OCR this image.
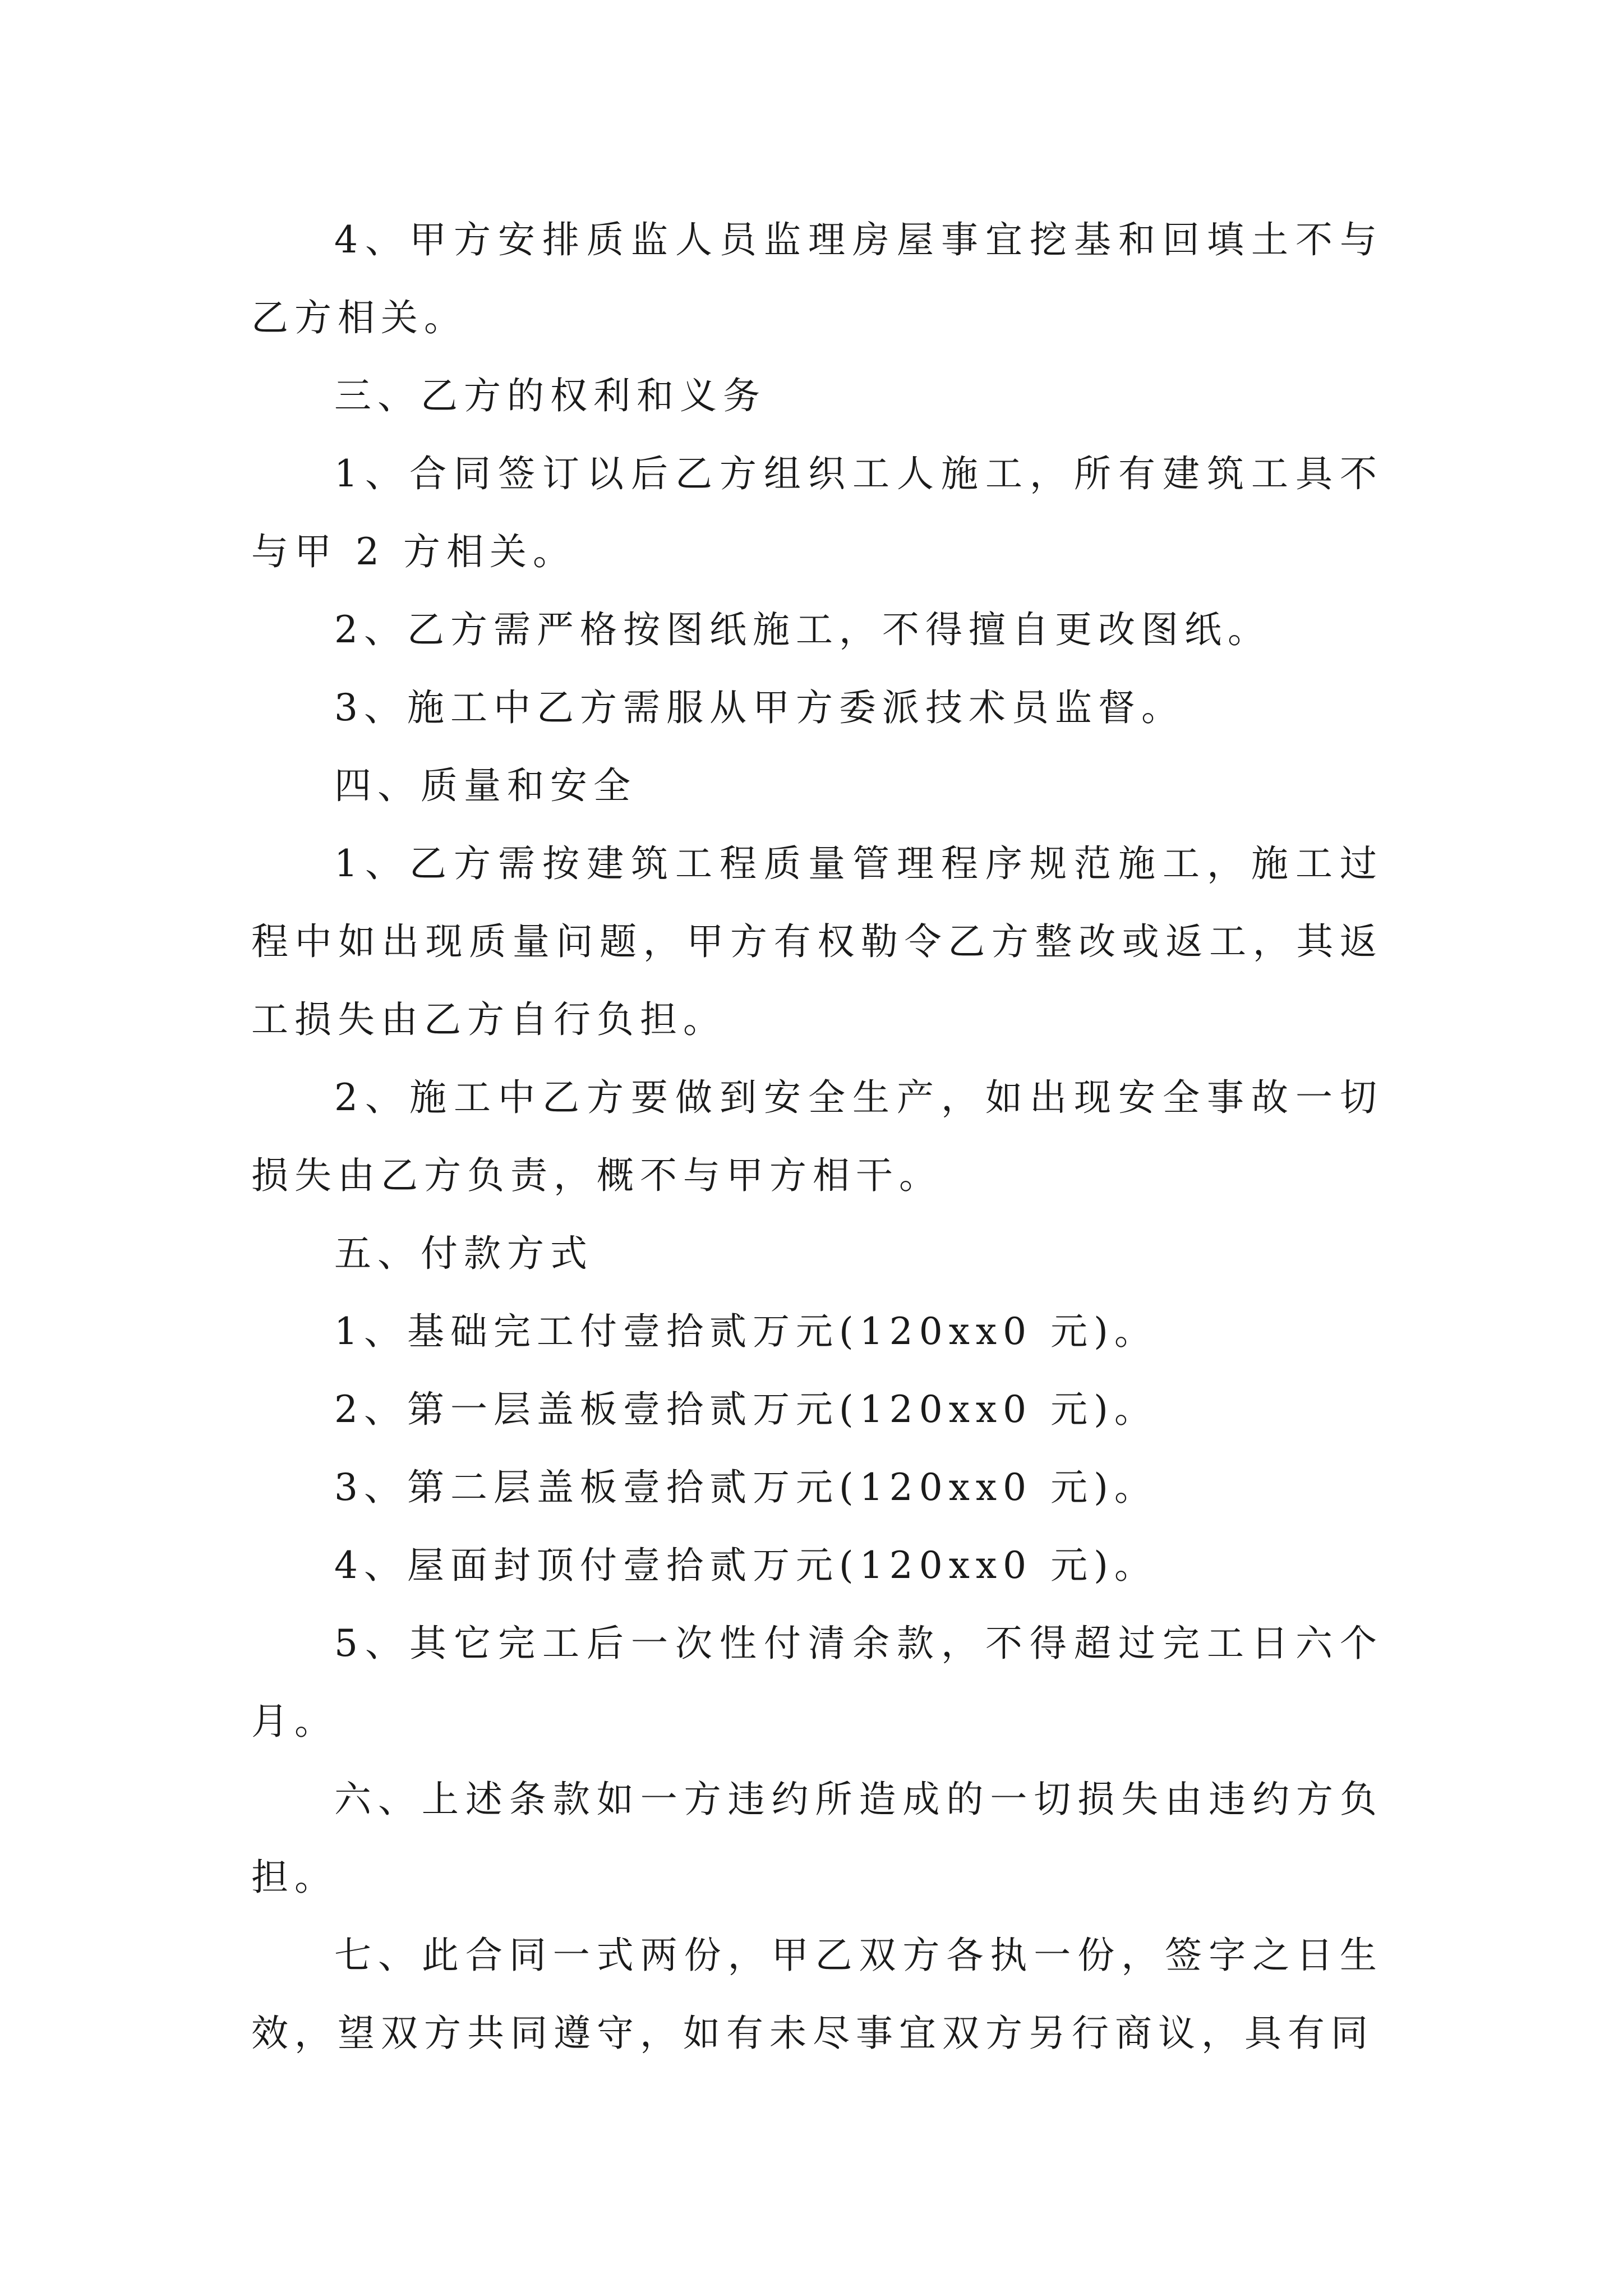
4、甲方安排质监人员监理房屋事宜挖基和回填土不与乙方相关。

三、乙方的权利和义务

1、合同签订以后乙方组织工人施工，所有建筑工具不与甲 2 方相关。

2、乙方需严格按图纸施工，不得擅自更改图纸。

3、施工中乙方需服从甲方委派技术员监督。

四、质量和安全

1、乙方需按建筑工程质量管理程序规范施工，施工过程中如出现质量问题，甲方有权勒令乙方整改或返工，其返工损失由乙方自行负担。

2、施工中乙方要做到安全生产，如出现安全事故一切损失由乙方负责，概不与甲方相干。

五、付款方式

1、基础完工付壹拾贰万元(120xx0 元)。

2、第一层盖板壹拾贰万元(120xx0 元)。

3、第二层盖板壹拾贰万元(120xx0 元)。

4、屋面封顶付壹拾贰万元(120xx0 元)。

5、其它完工后一次性付清余款，不得超过完工日六个月。

六、上述条款如一方违约所造成的一切损失由违约方负担。

七、此合同一式两份，甲乙双方各执一份，签字之日生效，望双方共同遵守，如有未尽事宜双方另行商议，具有同
